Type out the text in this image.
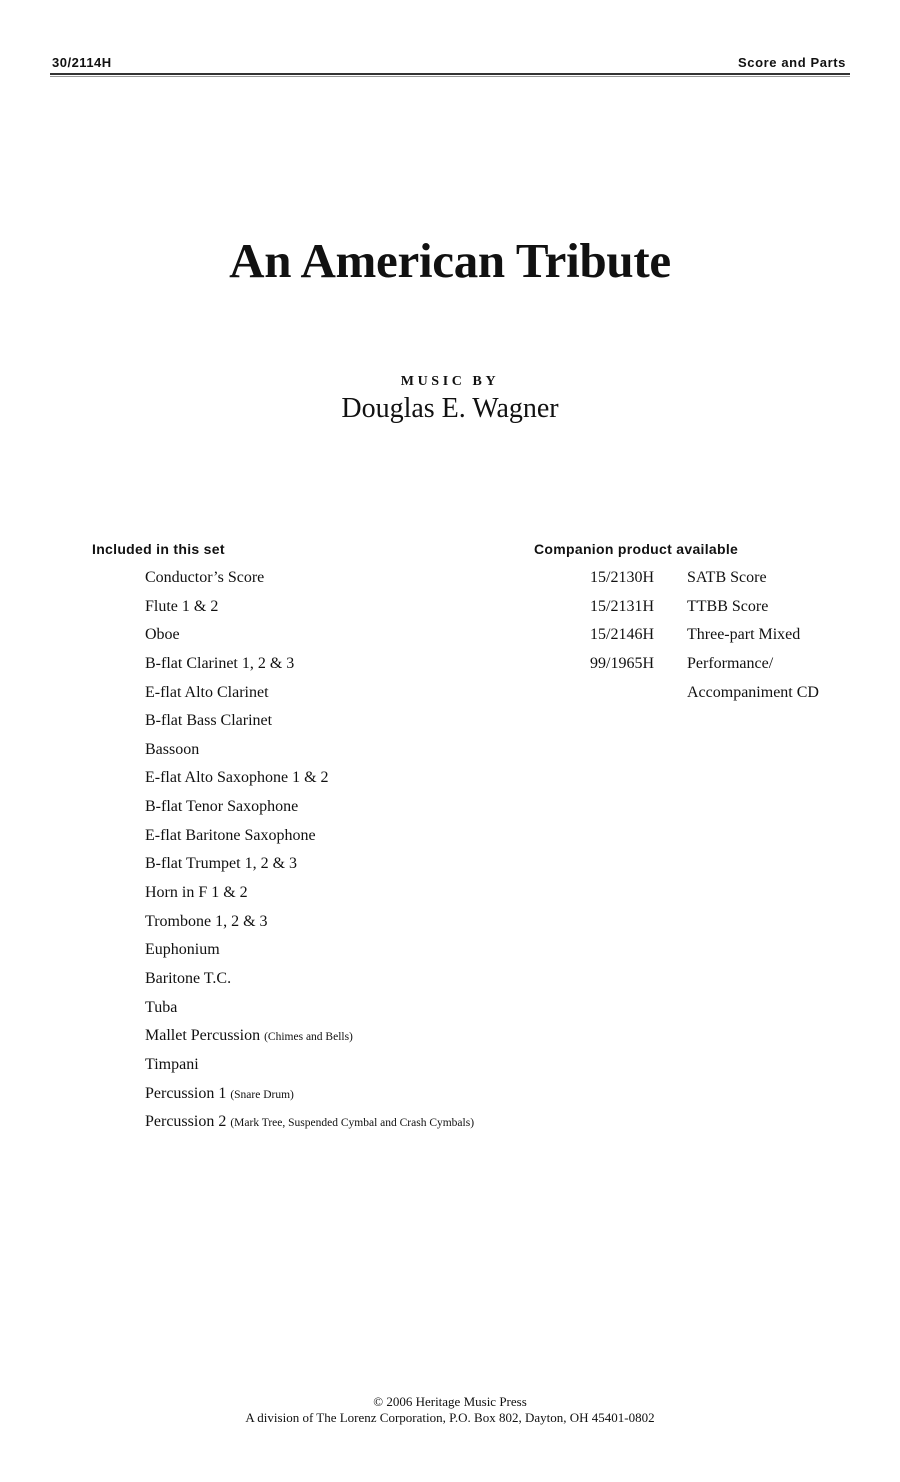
30/2114H	Score and Parts
An American Tribute
MUSIC BY
Douglas E. Wagner
Included in this set	Companion product available
Conductor’s Score
Flute 1 & 2
Oboe
B-flat Clarinet 1, 2 & 3
E-flat Alto Clarinet
B-flat Bass Clarinet
Bassoon
E-flat Alto Saxophone 1 & 2
B-flat Tenor Saxophone
E-flat Baritone Saxophone
B-flat Trumpet 1, 2 & 3
Horn in F 1 & 2
Trombone 1, 2 & 3
Euphonium
Baritone T.C.
Tuba
Mallet Percussion (Chimes and Bells)
Timpani
Percussion 1 (Snare Drum)
Percussion 2 (Mark Tree, Suspended Cymbal and Crash Cymbals)
15/2130H SATB Score
15/2131H TTBB Score
15/2146H Three-part Mixed
99/1965H Performance/
Accompaniment CD
© 2006 Heritage Music Press
A division of The Lorenz Corporation, P.O. Box 802, Dayton, OH 45401-0802
